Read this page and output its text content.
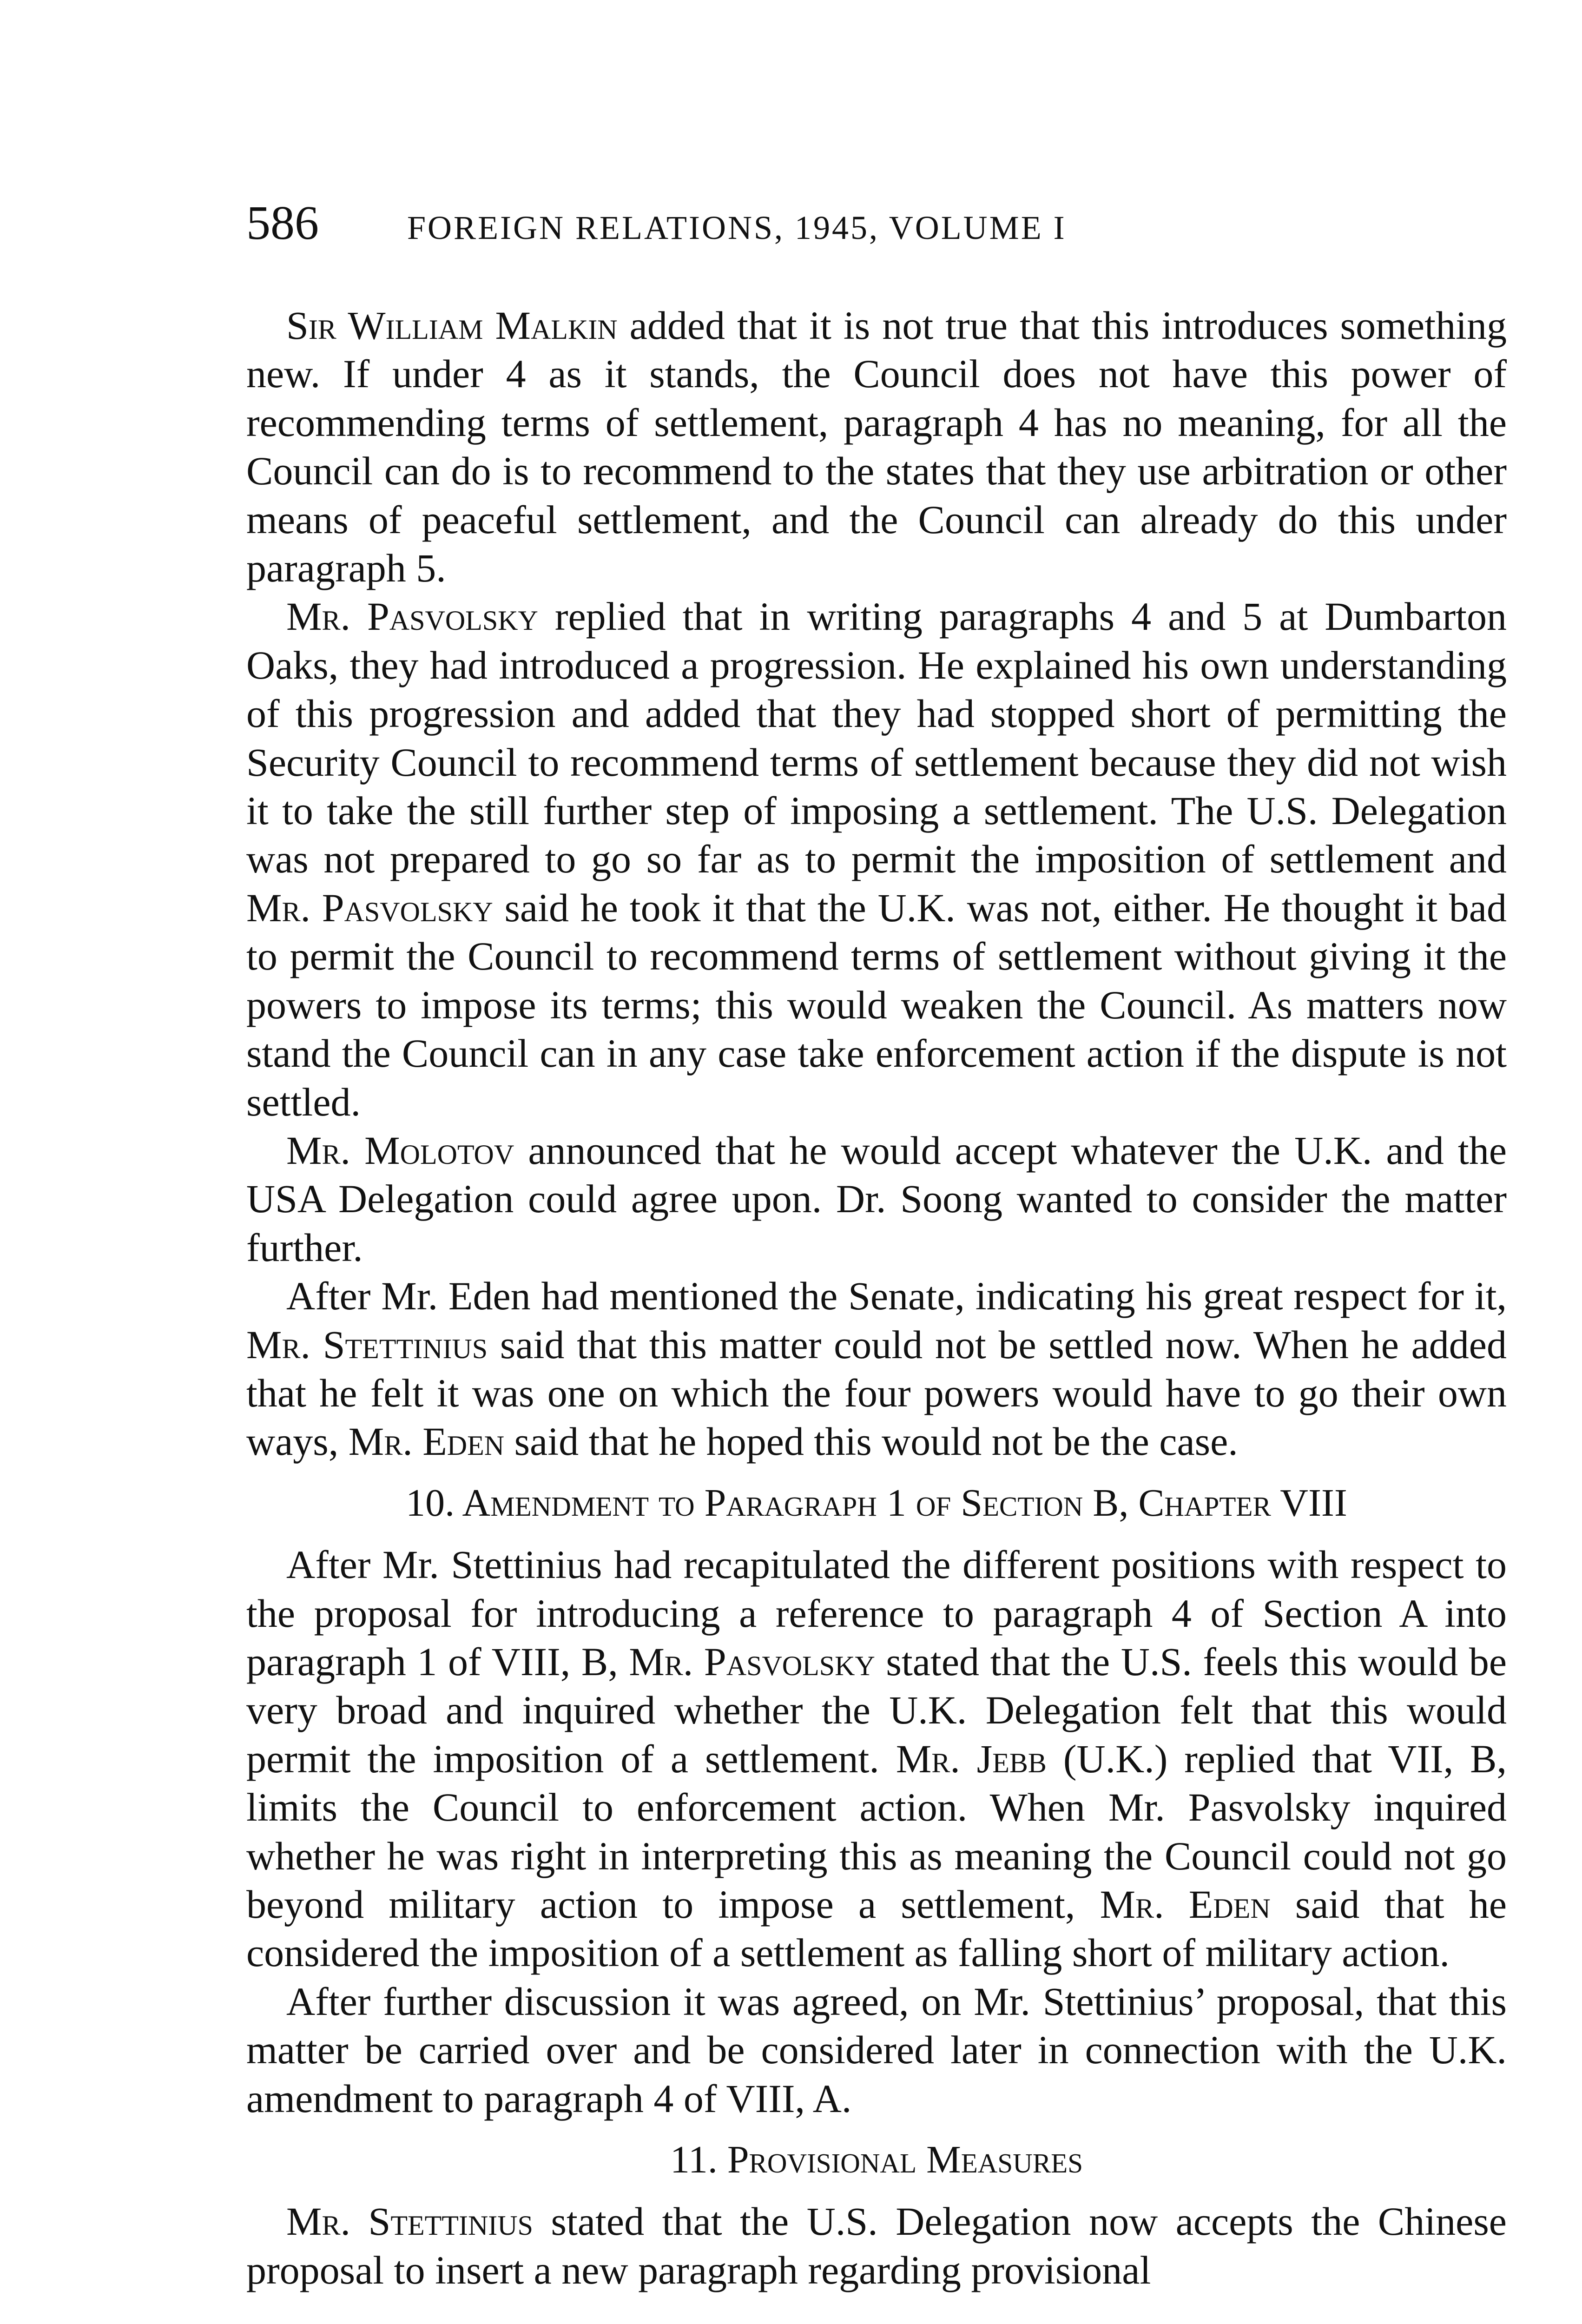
586	FOREIGN RELATIONS, 1945, VOLUME I

Sir William Malkin added that it is not true that this introduces something new. If under 4 as it stands, the Council does not have this power of recommending terms of settlement, paragraph 4 has no meaning, for all the Council can do is to recommend to the states that they use arbitration or other means of peaceful settlement, and the Council can already do this under paragraph 5.

Mr. Pasvolsky replied that in writing paragraphs 4 and 5 at Dumbarton Oaks, they had introduced a progression. He explained his own understanding of this progression and added that they had stopped short of permitting the Security Council to recommend terms of settlement because they did not wish it to take the still further step of imposing a settlement. The U.S. Delegation was not prepared to go so far as to permit the imposition of settlement and Mr. Pasvolsky said he took it that the U.K. was not, either. He thought it bad to permit the Council to recommend terms of settlement without giving it the powers to impose its terms; this would weaken the Council. As matters now stand the Council can in any case take enforcement action if the dispute is not settled.

Mr. Molotov announced that he would accept whatever the U.K. and the USA Delegation could agree upon. Dr. Soong wanted to consider the matter further.

After Mr. Eden had mentioned the Senate, indicating his great respect for it, Mr. Stettinius said that this matter could not be settled now. When he added that he felt it was one on which the four powers would have to go their own ways, Mr. Eden said that he hoped this would not be the case.

10. Amendment to Paragraph 1 of Section B, Chapter VIII

After Mr. Stettinius had recapitulated the different positions with respect to the proposal for introducing a reference to paragraph 4 of Section A into paragraph 1 of VIII, B, Mr. Pasvolsky stated that the U.S. feels this would be very broad and inquired whether the U.K. Delegation felt that this would permit the imposition of a settlement. Mr. Jebb (U.K.) replied that VII, B, limits the Council to enforcement action. When Mr. Pasvolsky inquired whether he was right in interpreting this as meaning the Council could not go beyond military action to impose a settlement, Mr. Eden said that he considered the imposition of a settlement as falling short of military action.

After further discussion it was agreed, on Mr. Stettinius’ proposal, that this matter be carried over and be considered later in connection with the U.K. amendment to paragraph 4 of VIII, A.

11. Provisional Measures

Mr. Stettinius stated that the U.S. Delegation now accepts the Chinese proposal to insert a new paragraph regarding provisional
